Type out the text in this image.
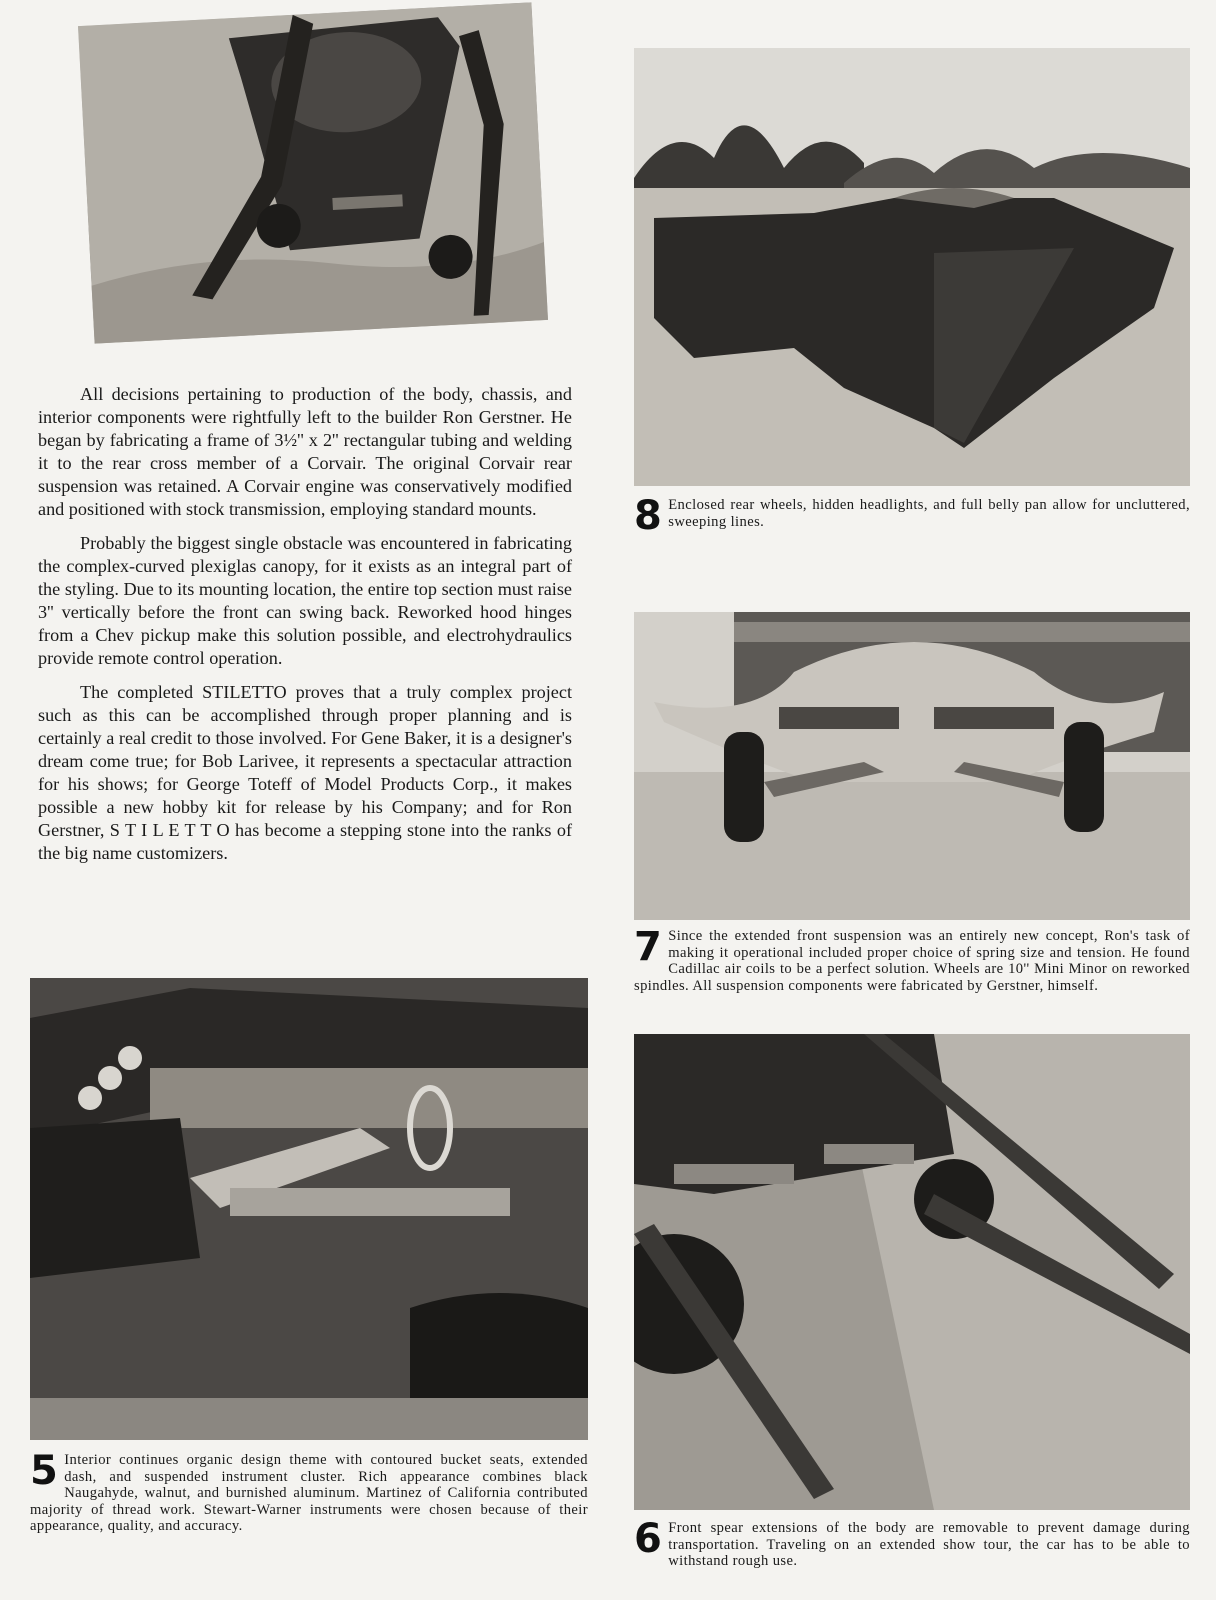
8 Enclosed rear wheels, hidden headlights, and full belly pan allow for uncluttered, sweeping lines.
7 Since the extended front suspension was an entirely new concept, Ron's task of making it operational included proper choice of spring size and tension. He found Cadillac air coils to be a perfect solution. Wheels are 10'' Mini Minor on reworked spindles. All suspension components were fabricated by Gerstner, himself.
5 Interior continues organic design theme with contoured bucket seats, extended dash, and suspended instrument cluster. Rich appearance combines black Naugahyde, walnut, and burnished aluminum. Martinez of California contributed majority of thread work. Stewart-Warner instruments were chosen because of their appearance, quality, and accuracy.	6 Front spear extensions of the body are removable to prevent damage during transportation. Traveling on an extended show tour, the car has to be able to withstand rough use.

All decisions pertaining to production of the body, chassis, and interior components were rightfully left to the builder Ron Gerstner. He began by fabricating a frame of 3½'' x 2'' rectangular tubing and welding it to the rear cross member of a Corvair. The original Corvair rear suspension was retained. A Corvair engine was conservatively modified and positioned with stock transmission, employing standard mounts.

Probably the biggest single obstacle was encountered in fabricating the complex-curved plexiglas canopy, for it exists as an integral part of the styling. Due to its mounting location, the entire top section must raise 3'' vertically before the front can swing back. Reworked hood hinges from a Chev pickup make this solution possible, and electrohydraulics provide remote control operation.

The completed STILETTO proves that a truly complex project such as this can be accomplished through proper planning and is certainly a real credit to those involved. For Gene Baker, it is a designer's dream come true; for Bob Larivee, it represents a spectacular attraction for his shows; for George Toteff of Model Products Corp., it makes possible a new hobby kit for release by his Company; and for Ron Gerstner, S T I L E T T O has become a stepping stone into the ranks of the big name customizers.
